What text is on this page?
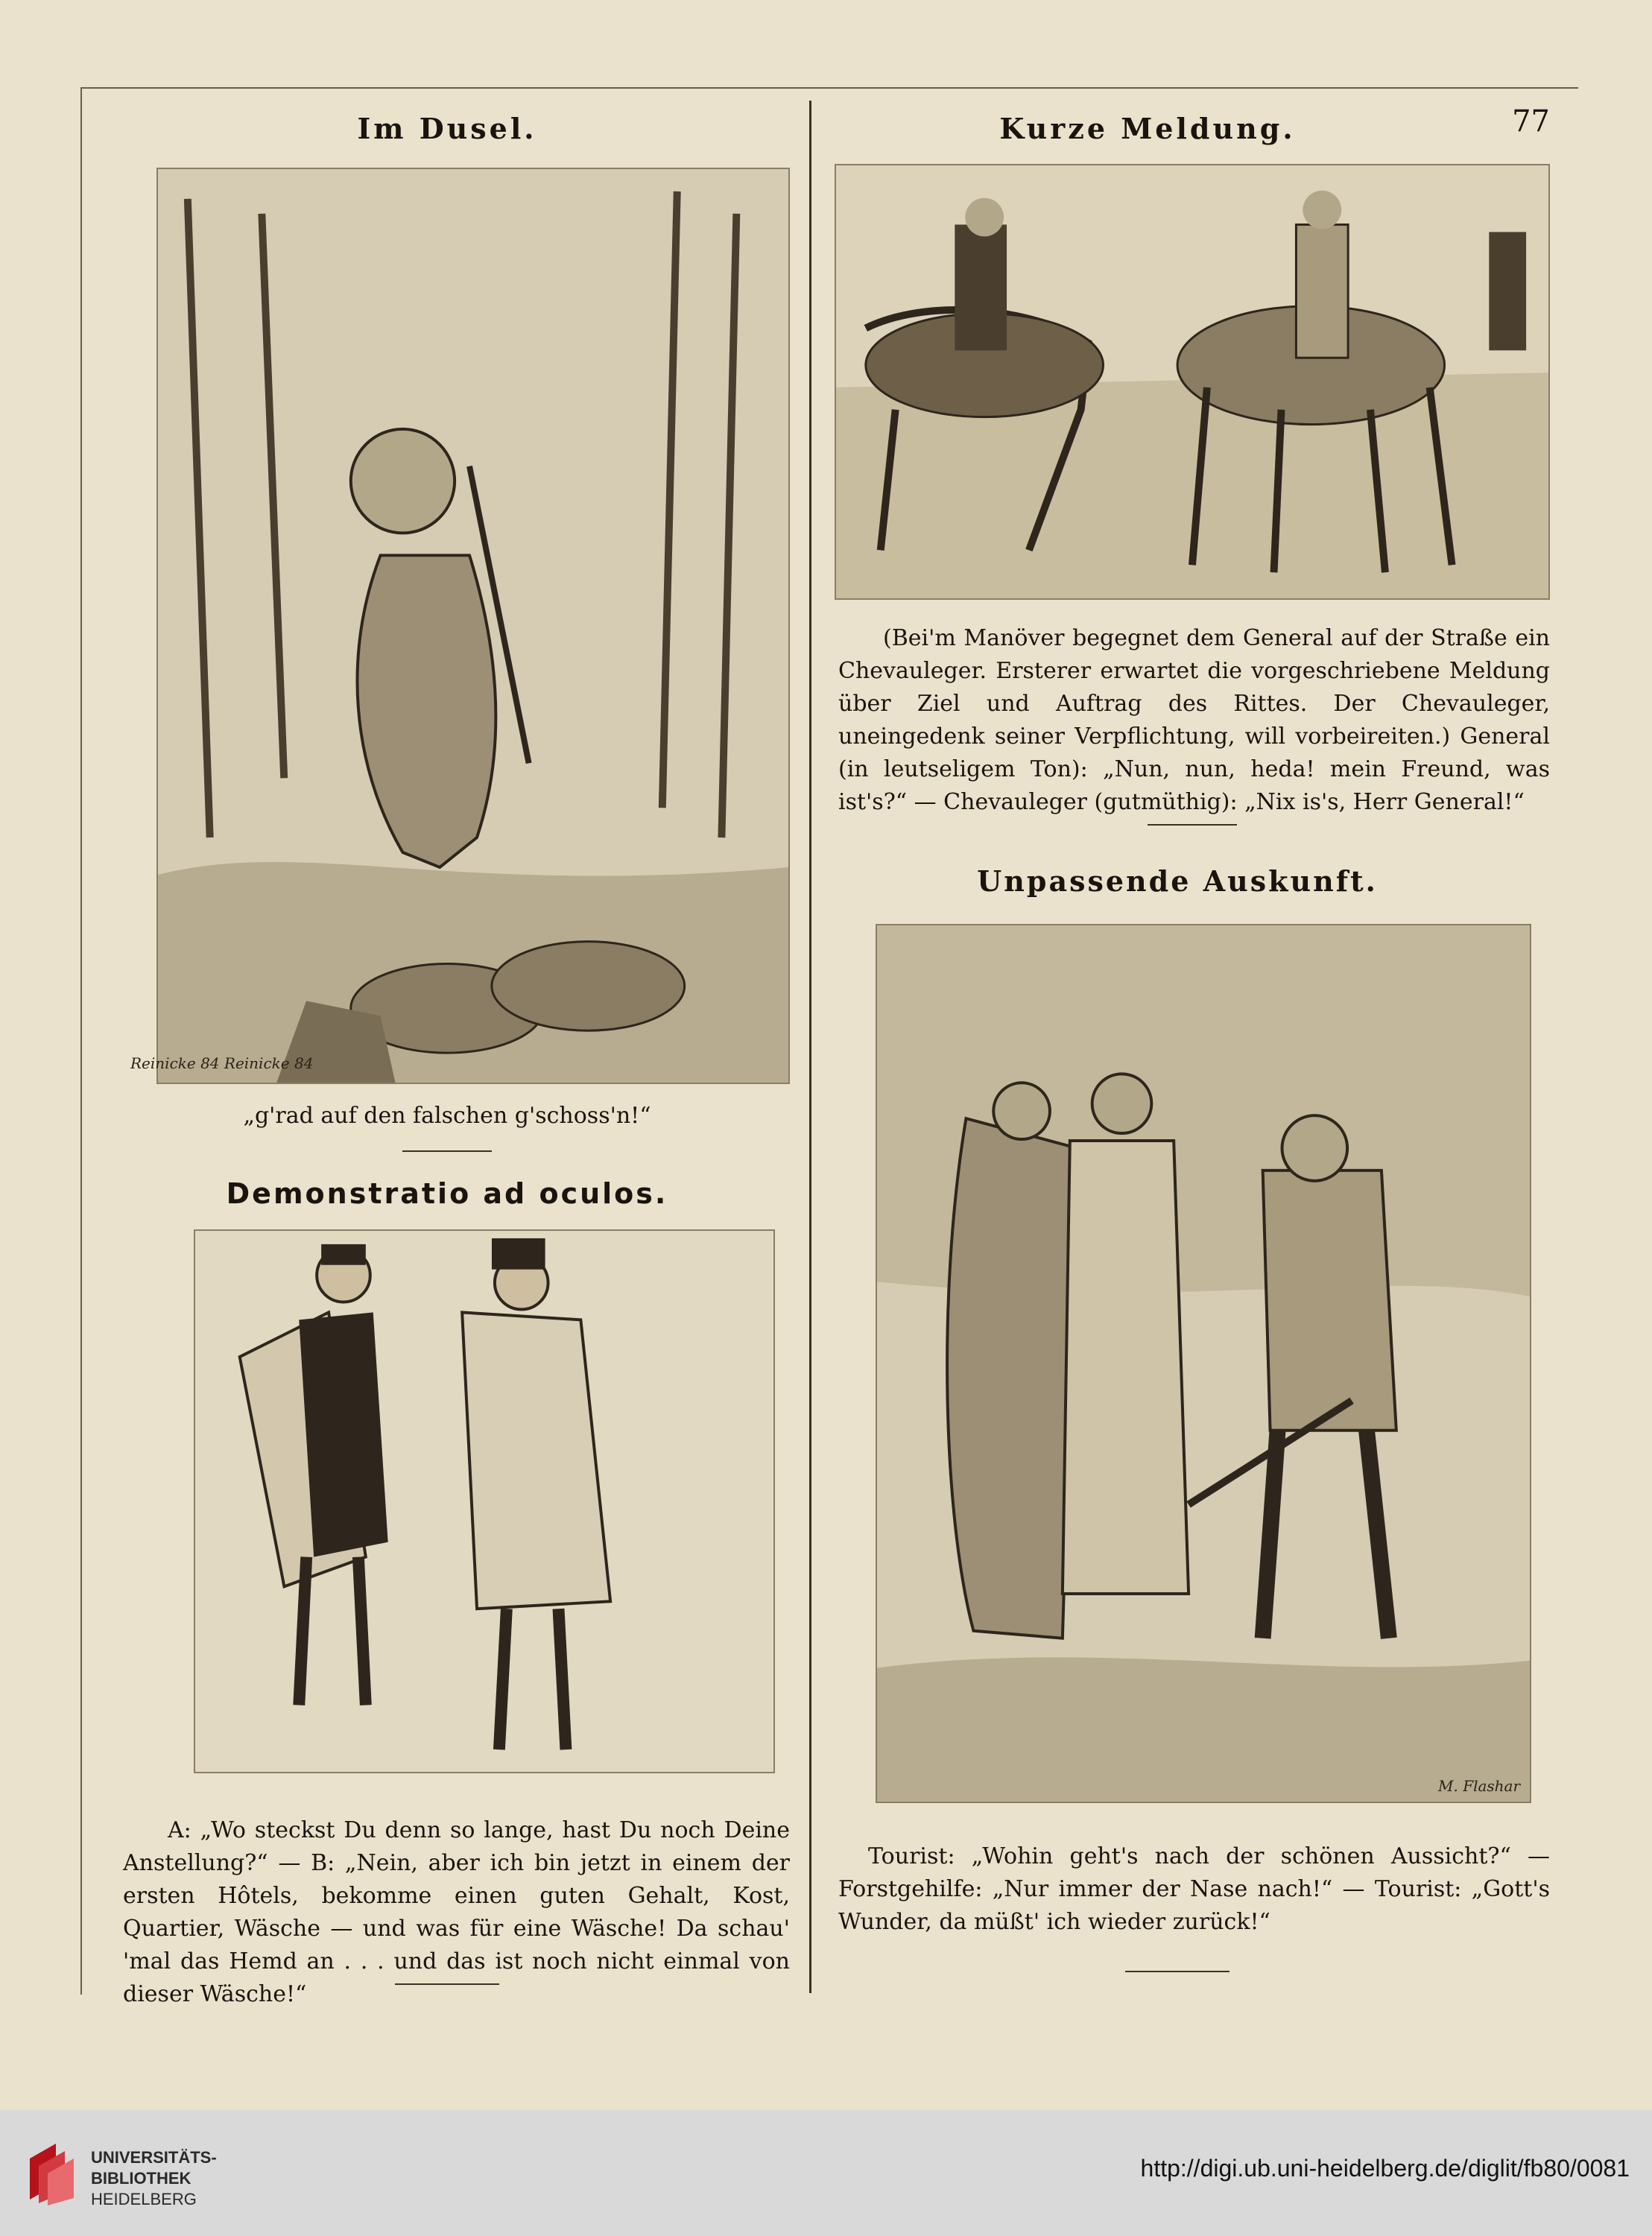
Im Dusel.
Reinicke 84 Reinicke 84

„g'rad auf den falschen g'schoss'n!“

Demonstratio ad oculos.

A: „Wo steckst Du denn so lange, hast Du noch Deine Anstellung?“ — B: „Nein, aber ich bin jetzt in einem der ersten Hôtels, bekomme einen guten Gehalt, Kost, Quartier, Wäsche — und was für eine Wäsche! Da schau' 'mal das Hemd an . . . und das ist noch nicht einmal von dieser Wäsche!“

Kurze Meldung.	77

(Bei'm Manöver begegnet dem General auf der Straße ein Chevauleger. Ersterer erwartet die vorgeschriebene Meldung über Ziel und Auftrag des Rittes. Der Chevauleger, uneingedenk seiner Verpflichtung, will vorbeireiten.) General (in leutseligem Ton): „Nun, nun, heda! mein Freund, was ist's?“ — Chevauleger (gutmüthig): „Nix is's, Herr General!“

Unpassende Auskunft.
M. Flashar

Tourist: „Wohin geht's nach der schönen Aussicht?“ — Forstgehilfe: „Nur immer der Nase nach!“ — Tourist: „Gott's Wunder, da müßt' ich wieder zurück!“

UNIVERSITÄTS-

BIBLIOTHEK

HEIDELBERG

http://digi.ub.uni-heidelberg.de/diglit/fb80/0081
